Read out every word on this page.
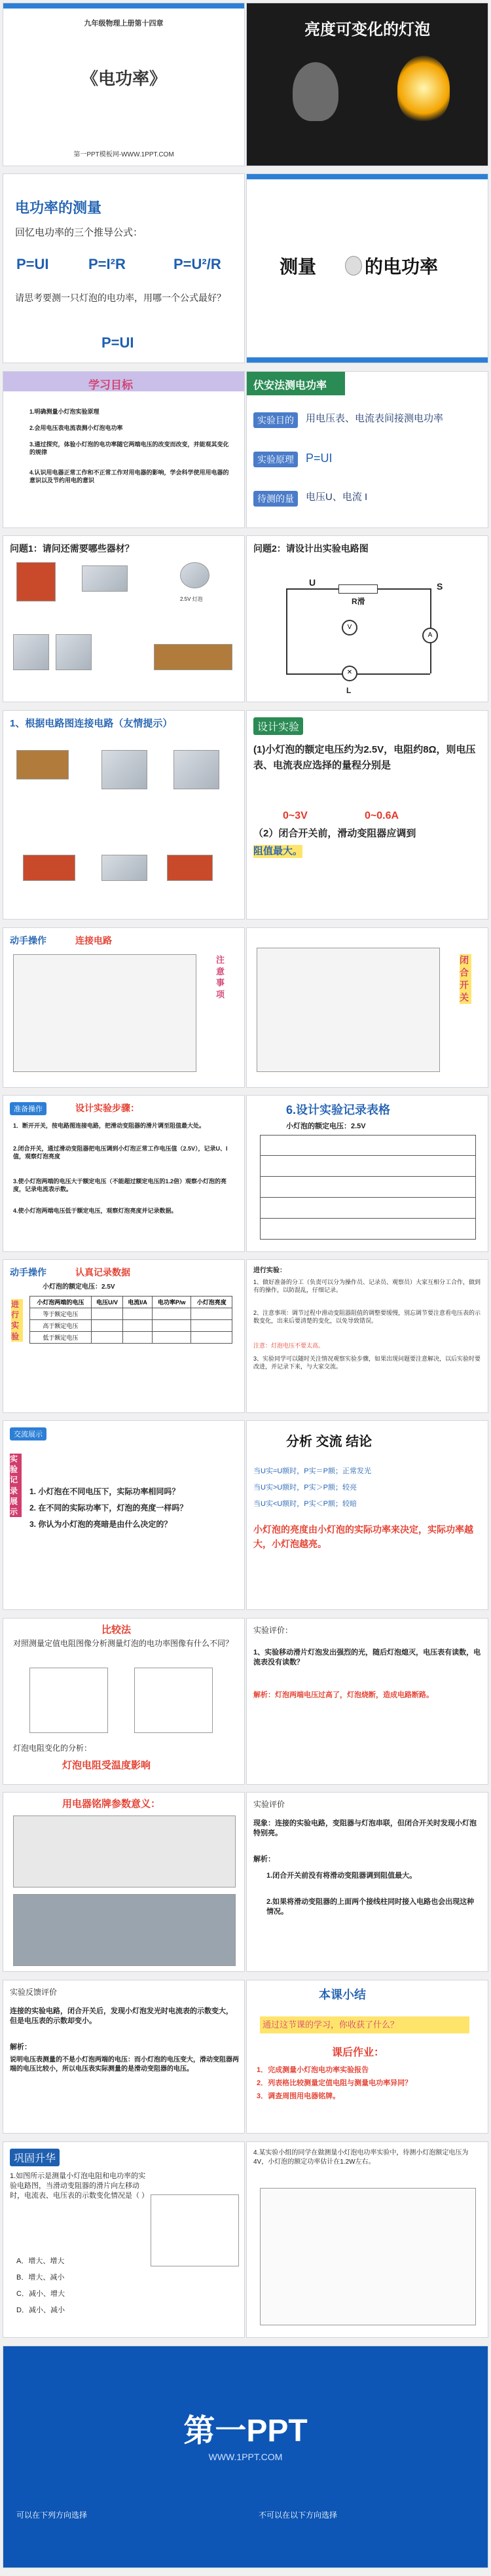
九年级物理上册第十四章
《电功率》
第一PPT模板网-WWW.1PPT.COM
亮度可变化的灯泡
电功率的测量
回忆电功率的三个推导公式：
P=UI	P=I²R	P=U²/R
请思考要测一只灯泡的电功率，用哪一个公式最好？
P=UI
测量	的电功率
学习目标
1.明确测量小灯泡实验原理
2.会用电压表电流表测小灯泡电功率
3.通过探究，体验小灯泡的电功率随它两端电压的改变而改变，并能观其变化的规律
4.认识用电器正常工作和不正常工作对用电器的影响，学会科学使用用电器的意识以及节约用电的意识
伏安法测电功率
实验目的	用电压表、电流表间接测电功率
实验原理	P=UI
待测的量	电压U、电流 I
问题1：请问还需要哪些器材？
2.5V 灯泡
问题2：请设计出实验电路图
U
R滑
S
V
A
✕
L
1、根据电路图连接电路（友情提示）	设计实验
(1)小灯泡的额定电压约为2.5V，电阻约8Ω，则电压表、电流表应选择的量程分别是
0~3V	0~0.6A
（2）闭合开关前，滑动变阻器应调到
阻值最大。
动手操作	连接电路
注意事项
闭合开关
准备操作	设计实验步骤：
1．断开开关，按电路图连接电路，把滑动变阻器的滑片调至阻值最大处。
2.闭合开关，通过滑动变阻器把电压调到小灯泡正常工作电压值（2.5V），记录U、I值，观察灯泡亮度
3.使小灯泡两端的电压大于额定电压（不能超过额定电压的1.2倍）观察小灯泡的亮度，记录电流表示数。
4.使小灯泡两端电压低于额定电压，观察灯泡亮度并记录数据。
6.设计实验记录表格
小灯泡的额定电压：2.5V
动手操作	认真记录数据
小灯泡的额定电压：2.5V
进行实验
小灯泡两端的电压	电压U/V	电流I/A	电功率P/w	小灯泡亮度
等于额定电压				
高于额定电压				
低于额定电压				
进行实验：
1、做好准备的分工（负责可以分为操作员、记录员、观察员）大家互相分工合作，做到有的操作，以防混乱，仔细记录。
2、注意事项：调节过程中滑动变阻器阻值的调整要缓慢，别忘调节要注意看电压表的示数变化，出来后要清楚的变化，以免导致错误。
注意：灯泡电压不要太高。
3、实验同学可以随时关注情况观察实验步骤，如果出现问题要注意解决，以后实验时要改进，并记录下来，与大家交流。
交流展示
实验记录展示
1. 小灯泡在不同电压下，实际功率相同吗？
2. 在不同的实际功率下，灯泡的亮度一样吗？
3. 你认为小灯泡的亮暗是由什么决定的？
分析 交流 结论
当U实=U额时，P实＝P额；正常发光
当U实>U额时，P实＞P额；较亮
当U实<U额时，P实＜P额；较暗
小灯泡的亮度由小灯泡的实际功率来决定，实际功率越大，小灯泡越亮。
比较法
对照测量定值电阻图像分析测量灯泡的电功率图像有什么不同？
灯泡电阻变化的分析：
灯泡电阻受温度影响
实验评价：
1、实验移动滑片灯泡发出强烈的光，随后灯泡熄灭，电压表有读数，电流表没有读数？
解析：灯泡两端电压过高了，灯泡烧断，造成电路断路。
用电器铭牌参数意义：	实验评价
现象：连接的实验电路，变阻器与灯泡串联，但闭合开关时发现小灯泡特别亮。
解析：
1.闭合开关前没有将滑动变阻器调到阻值最大。
2.如果将滑动变阻器的上面两个接线柱同时接入电路也会出现这种情况。
实验反馈评价
连接的实验电路，闭合开关后，发现小灯泡发光时电流表的示数变大，但是电压表的示数却变小。
解析：
说明电压表测量的不是小灯泡两端的电压：而小灯泡的电压变大，滑动变阻器两端的电压比较小，所以电压表实际测量的是滑动变阻器的电压。
本课小结
通过这节课的学习，你收获了什么？
课后作业：
1．完成测量小灯泡电功率实验报告
2．列表格比较测量定值电阻与测量电功率异同？
3．调查周围用电器铭牌。
巩固升华
1.如图所示是测量小灯泡电阻和电功率的实验电路图，当滑动变阻器的滑片向左移动时，电流表、电压表的示数变化情况是（ ）
A．增大、增大
B．增大、减小
C．减小、增大
D．减小、减小
4.某实验小组的同学在做测量小灯泡电功率实验中，待测小灯泡额定电压为4V，小灯泡的额定功率估计在1.2W左右。
第一PPT
WWW.1PPT.COM
可以在下列方向选择	不可以在以下方向选择
